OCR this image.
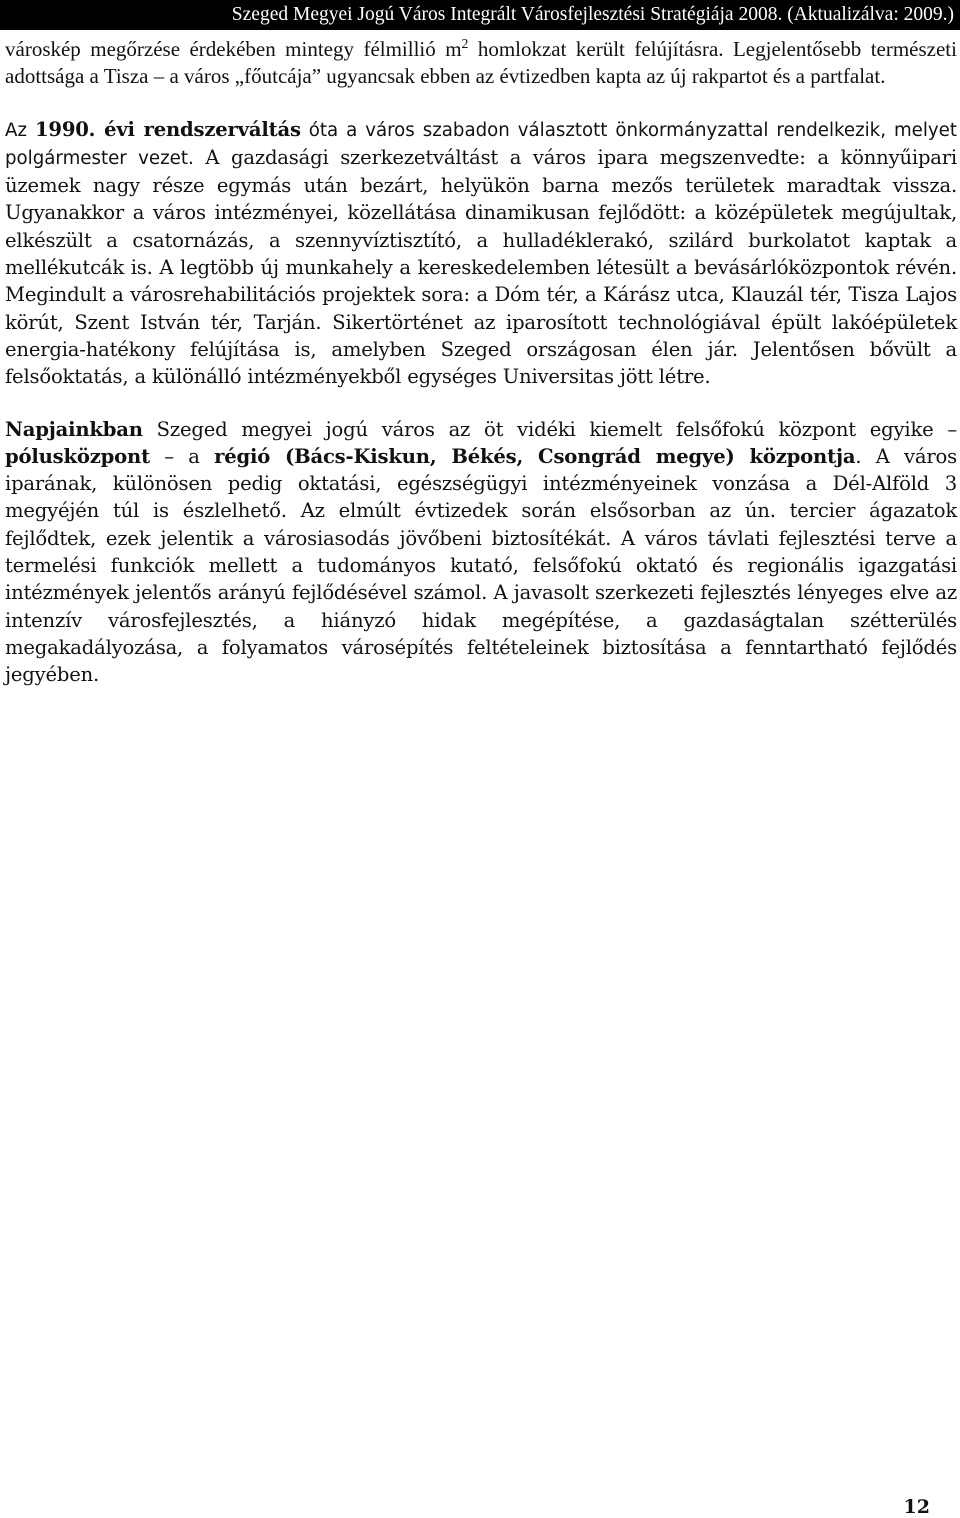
Szeged Megyei Jogú Város Integrált Városfejlesztési Stratégiája 2008. (Aktualizálva: 2009.)

városkép megőrzése érdekében mintegy félmillió $m^2$ homlokzat került felújításra. Legjelentősebb természeti adottsága a Tisza – a város „főutcája” ugyancsak ebben az évtizedben kapta az új rakpartot és a partfalat.

Az 1990. évi rendszerváltás óta a város szabadon választott önkormányzattal rendelkezik, melyet polgármester vezet. A gazdasági szerkezetváltást a város ipara megszenvedte: a könnyűipari üzemek nagy része egymás után bezárt, helyükön barna mezős területek maradtak vissza. Ugyanakkor a város intézményei, közellátása dinamikusan fejlődött: a középületek megújultak, elkészült a csatornázás, a szennyvíztisztító, a hulladéklerakó, szilárd burkolatot kaptak a mellékutcák is. A legtöbb új munkahely a kereskedelemben létesült a bevásárlóközpontok révén. Megindult a városrehabilitációs projektek sora: a Dóm tér, a Kárász utca, Klauzál tér, Tisza Lajos körút, Szent István tér, Tarján. Sikertörténet az iparosított technológiával épült lakóépületek energia-hatékony felújítása is, amelyben Szeged országosan élen jár. Jelentősen bővült a felsőoktatás, a különálló intézményekből egységes Universitas jött létre.

Napjainkban Szeged megyei jogú város az öt vidéki kiemelt felsőfokú központ egyike – pólusközpont – a régió (Bács-Kiskun, Békés, Csongrád megye) központja. A város iparának, különösen pedig oktatási, egészségügyi intézményeinek vonzása a Dél-Alföld 3 megyéjén túl is észlelhető. Az elmúlt évtizedek során elsősorban az ún. tercier ágazatok fejlődtek, ezek jelentik a városiasodás jövőbeni biztosítékát. A város távlati fejlesztési terve a termelési funkciók mellett a tudományos kutató, felsőfokú oktató és regionális igazgatási intézmények jelentős arányú fejlődésével számol. A javasolt szerkezeti fejlesztés lényeges elve az intenzív városfejlesztés, a hiányzó hidak megépítése, a gazdaságtalan szétterülés megakadályozása, a folyamatos városépítés feltételeinek biztosítása a fenntartható fejlődés jegyében.

12
